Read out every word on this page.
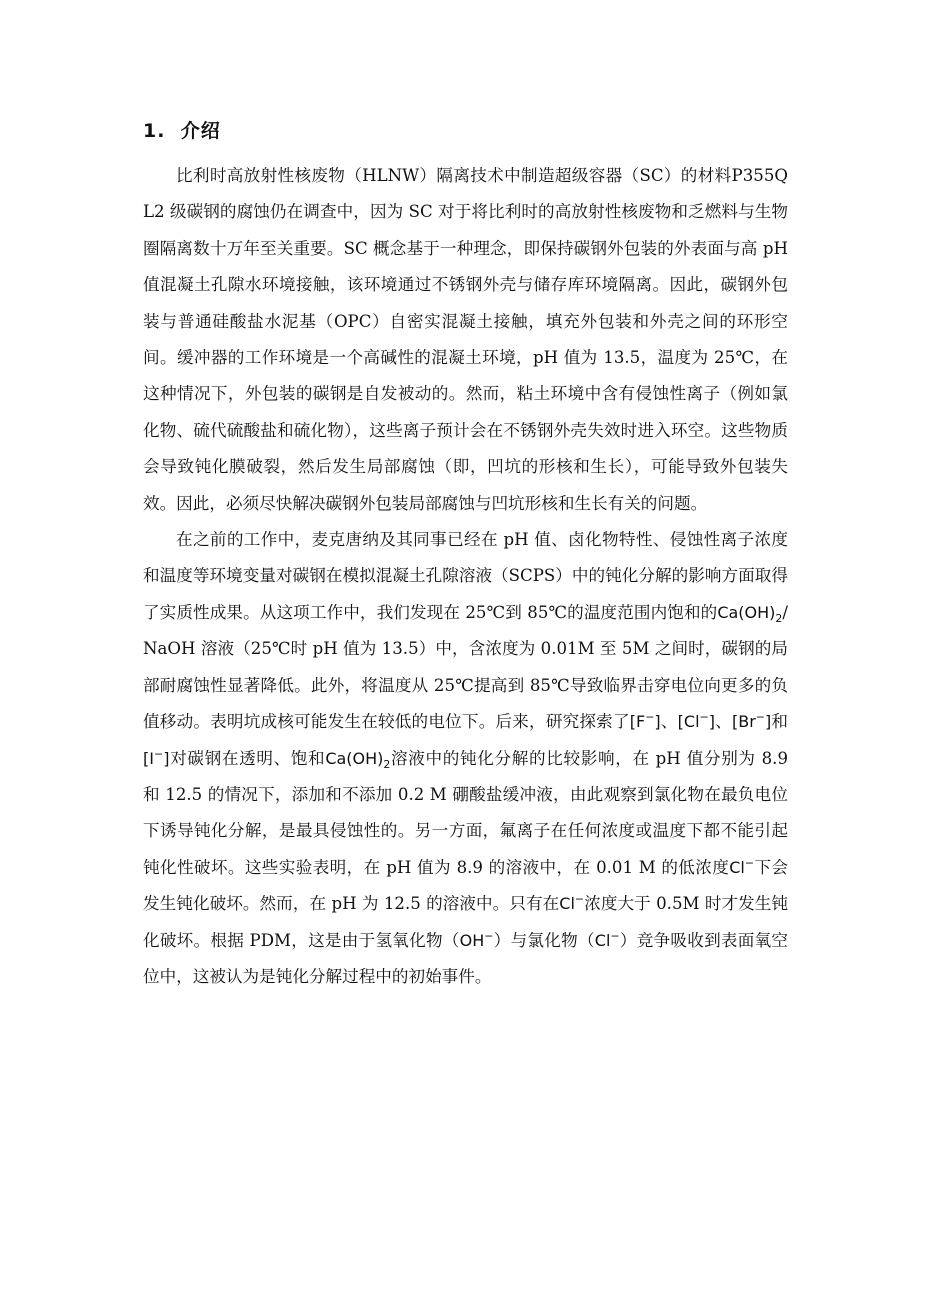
1. 介绍

比利时高放射性核废物（HLNW）隔离技术中制造超级容器（SC）的材料P355QL2 级碳钢的腐蚀仍在调查中，因为 SC 对于将比利时的高放射性核废物和乏燃料与生物圈隔离数十万年至关重要。SC 概念基于一种理念，即保持碳钢外包装的外表面与高 pH 值混凝土孔隙水环境接触，该环境通过不锈钢外壳与储存库环境隔离。因此，碳钢外包装与普通硅酸盐水泥基（OPC）自密实混凝土接触，填充外包装和外壳之间的环形空间。缓冲器的工作环境是一个高碱性的混凝土环境，pH 值为 13.5，温度为 25℃，在这种情况下，外包装的碳钢是自发被动的。然而，粘土环境中含有侵蚀性离子（例如氯化物、硫代硫酸盐和硫化物），这些离子预计会在不锈钢外壳失效时进入环空。这些物质会导致钝化膜破裂，然后发生局部腐蚀（即，凹坑的形核和生长），可能导致外包装失效。因此，必须尽快解决碳钢外包装局部腐蚀与凹坑形核和生长有关的问题。

在之前的工作中，麦克唐纳及其同事已经在 pH 值、卤化物特性、侵蚀性离子浓度和温度等环境变量对碳钢在模拟混凝土孔隙溶液（SCPS）中的钝化分解的影响方面取得了实质性成果。从这项工作中，我们发现在 25℃到 85℃的温度范围内饱和的$Ca(OH)_2$/NaOH 溶液（25℃时 pH 值为 13.5）中，含浓度为 0.01M 至 5M 之间时，碳钢的局部耐腐蚀性显著降低。此外，将温度从 25℃提高到 85℃导致临界击穿电位向更多的负值移动。表明坑成核可能发生在较低的电位下。后来，研究探索了[F−]、[Cl−]、[Br−]和[I−]对碳钢在透明、饱和$Ca(OH)_2$溶液中的钝化分解的比较影响，在 pH 值分别为 8.9 和 12.5 的情况下，添加和不添加 0.2 M 硼酸盐缓冲液，由此观察到氯化物在最负电位下诱导钝化分解，是最具侵蚀性的。另一方面，氟离子在任何浓度或温度下都不能引起钝化性破坏。这些实验表明，在 pH 值为 8.9 的溶液中，在 0.01 M 的低浓度Cl−下会发生钝化破坏。然而，在 pH 为 12.5 的溶液中。只有在Cl−浓度大于 0.5M 时才发生钝化破坏。根据 PDM，这是由于氢氧化物（OH−）与氯化物（Cl−）竞争吸收到表面氧空位中，这被认为是钝化分解过程中的初始事件。
